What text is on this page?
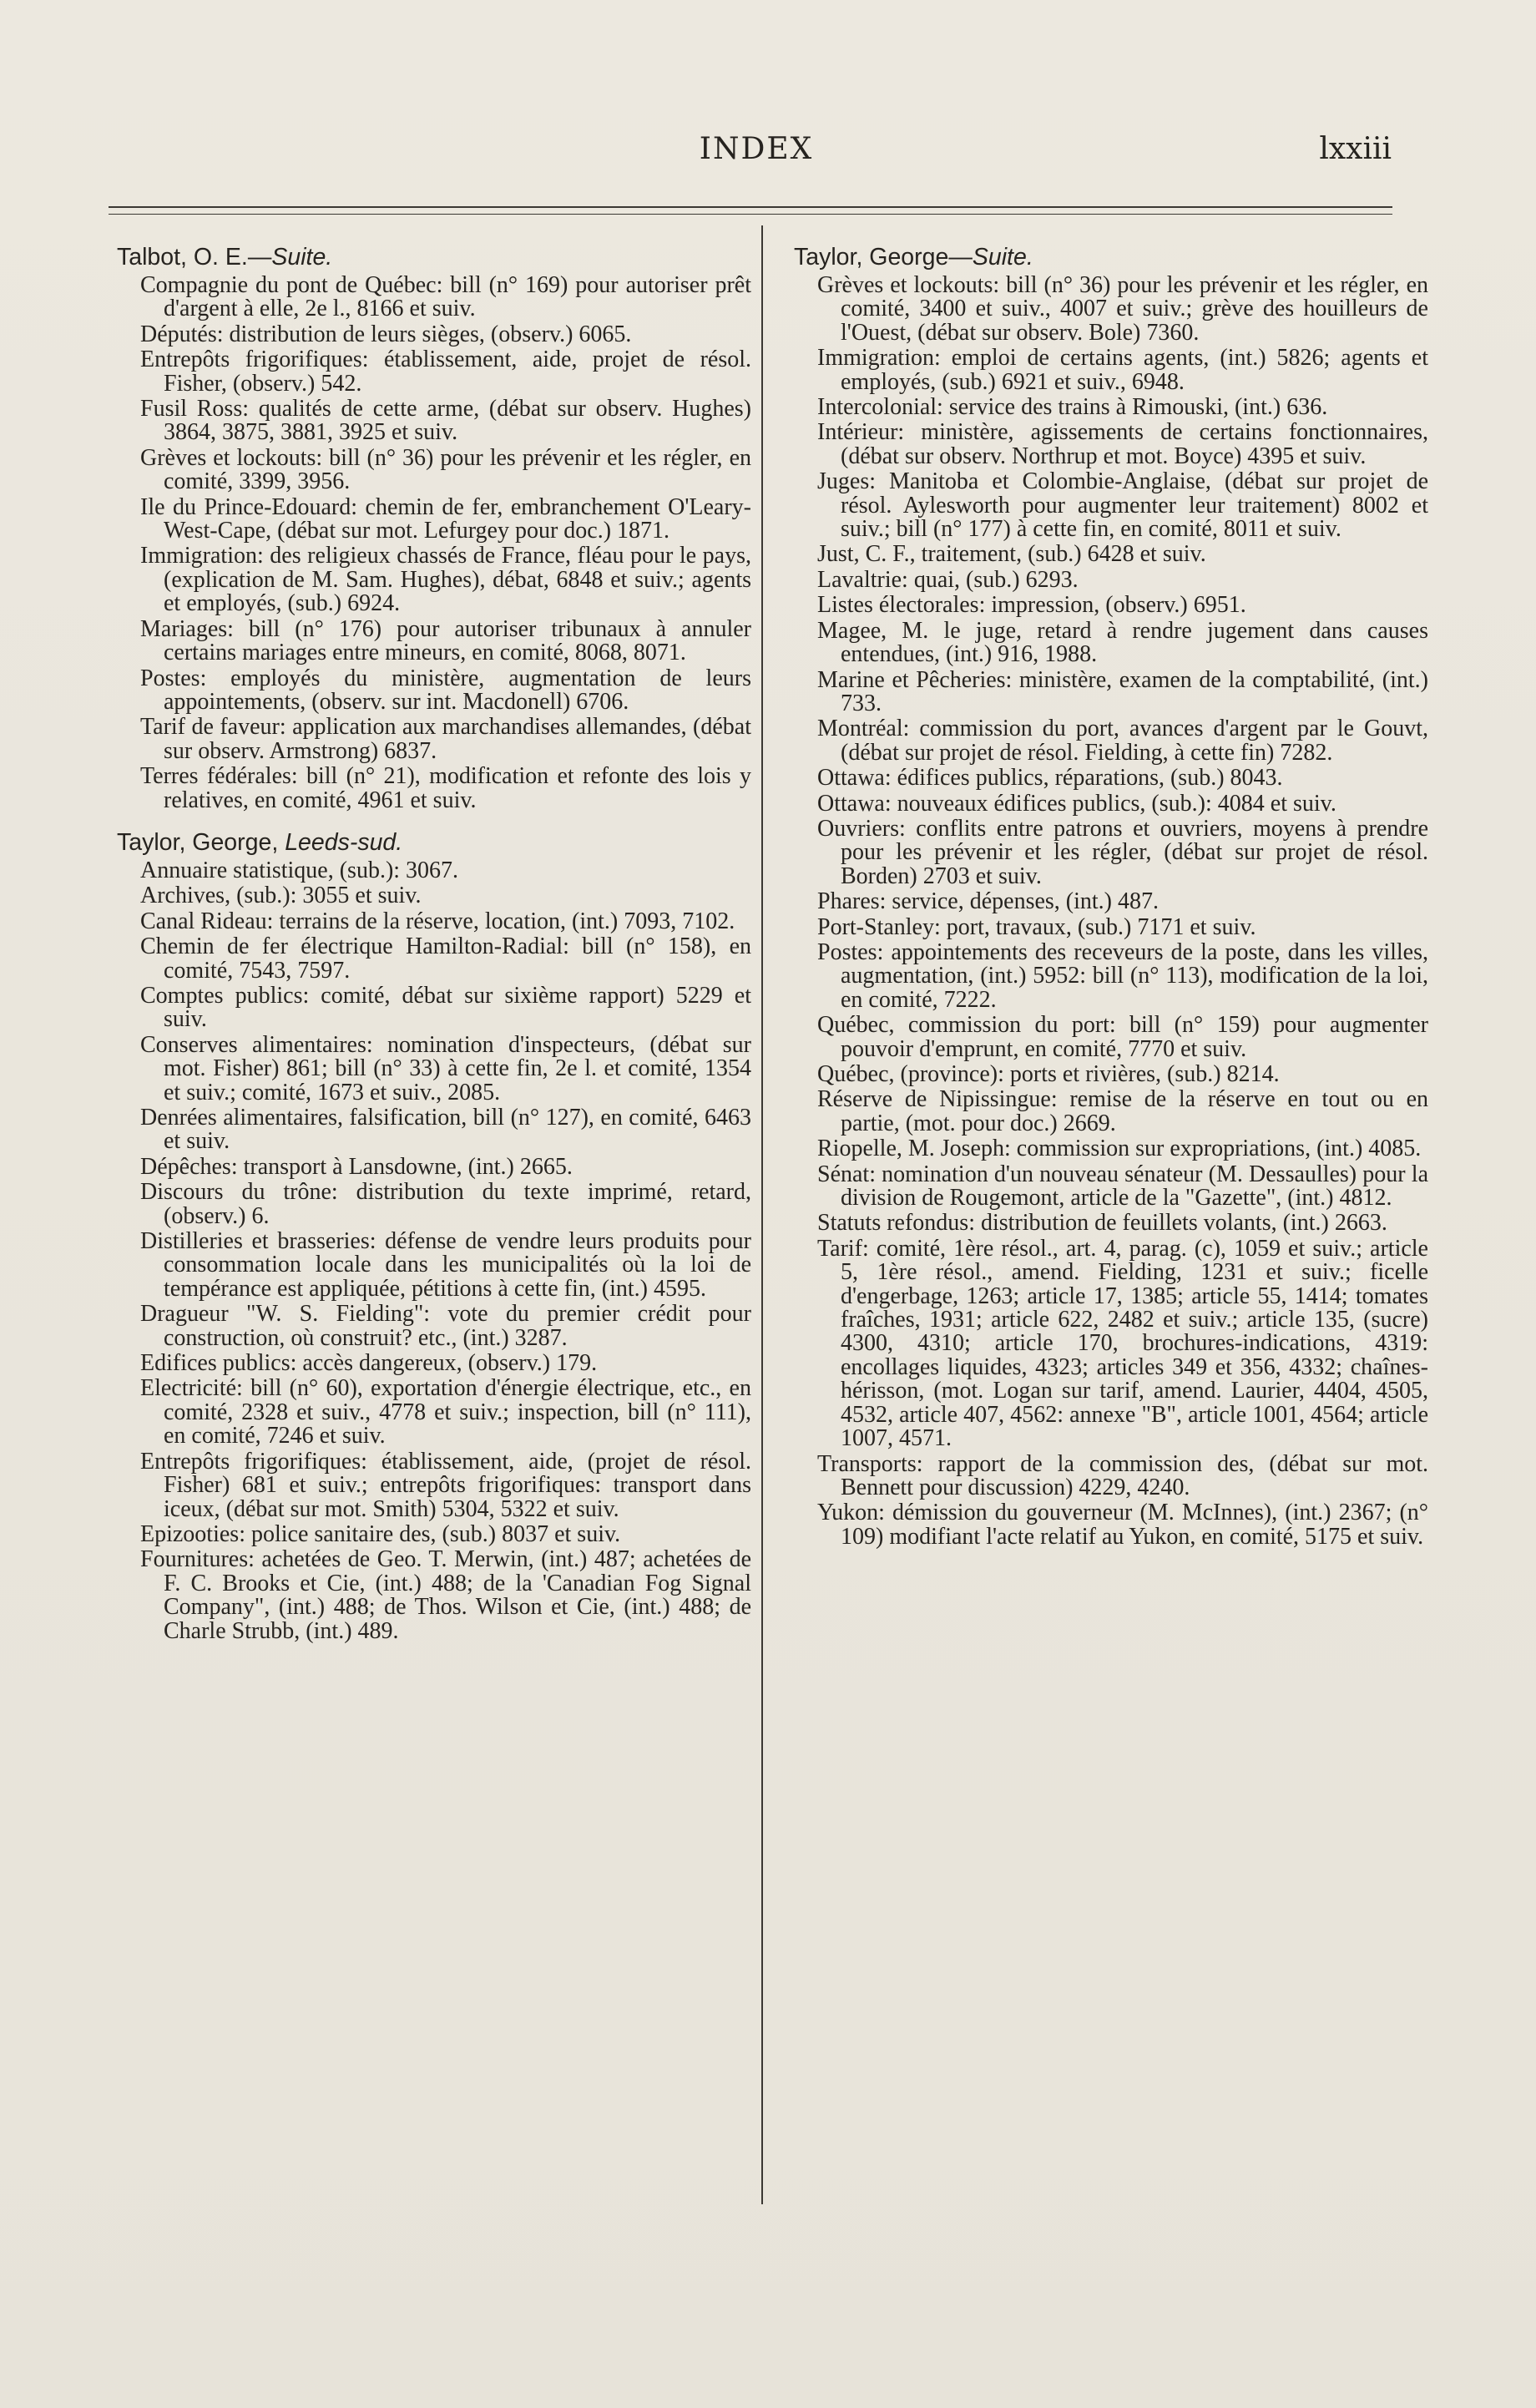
INDEX	lxxiii
Talbot, O. E.—Suite.
Compagnie du pont de Québec: bill (n° 169) pour autoriser prêt d'argent à elle, 2e l., 8166 et suiv.
Députés: distribution de leurs sièges, (observ.) 6065.
Entrepôts frigorifiques: établissement, aide, projet de résol. Fisher, (observ.) 542.
Fusil Ross: qualités de cette arme, (débat sur observ. Hughes) 3864, 3875, 3881, 3925 et suiv.
Grèves et lockouts: bill (n° 36) pour les prévenir et les régler, en comité, 3399, 3956.
Ile du Prince-Edouard: chemin de fer, embranchement O'Leary-West-Cape, (débat sur mot. Lefurgey pour doc.) 1871.
Immigration: des religieux chassés de France, fléau pour le pays, (explication de M. Sam. Hughes), débat, 6848 et suiv.; agents et employés, (sub.) 6924.
Mariages: bill (n° 176) pour autoriser tribunaux à annuler certains mariages entre mineurs, en comité, 8068, 8071.
Postes: employés du ministère, augmentation de leurs appointements, (observ. sur int. Macdonell) 6706.
Tarif de faveur: application aux marchandises allemandes, (débat sur observ. Armstrong) 6837.
Terres fédérales: bill (n° 21), modification et refonte des lois y relatives, en comité, 4961 et suiv.
Taylor, George, Leeds-sud.
Annuaire statistique, (sub.): 3067.
Archives, (sub.): 3055 et suiv.
Canal Rideau: terrains de la réserve, location, (int.) 7093, 7102.
Chemin de fer électrique Hamilton-Radial: bill (n° 158), en comité, 7543, 7597.
Comptes publics: comité, débat sur sixième rapport) 5229 et suiv.
Conserves alimentaires: nomination d'inspecteurs, (débat sur mot. Fisher) 861; bill (n° 33) à cette fin, 2e l. et comité, 1354 et suiv.; comité, 1673 et suiv., 2085.
Denrées alimentaires, falsification, bill (n° 127), en comité, 6463 et suiv.
Dépêches: transport à Lansdowne, (int.) 2665.
Discours du trône: distribution du texte imprimé, retard, (observ.) 6.
Distilleries et brasseries: défense de vendre leurs produits pour consommation locale dans les municipalités où la loi de tempérance est appliquée, pétitions à cette fin, (int.) 4595.
Dragueur "W. S. Fielding": vote du premier crédit pour construction, où construit? etc., (int.) 3287.
Edifices publics: accès dangereux, (observ.) 179.
Electricité: bill (n° 60), exportation d'énergie électrique, etc., en comité, 2328 et suiv., 4778 et suiv.; inspection, bill (n° 111), en comité, 7246 et suiv.
Entrepôts frigorifiques: établissement, aide, (projet de résol. Fisher) 681 et suiv.; entrepôts frigorifiques: transport dans iceux, (débat sur mot. Smith) 5304, 5322 et suiv.
Epizooties: police sanitaire des, (sub.) 8037 et suiv.
Fournitures: achetées de Geo. T. Merwin, (int.) 487; achetées de F. C. Brooks et Cie, (int.) 488; de la 'Canadian Fog Signal Company", (int.) 488; de Thos. Wilson et Cie, (int.) 488; de Charle Strubb, (int.) 489.
Taylor, George—Suite.
Grèves et lockouts: bill (n° 36) pour les prévenir et les régler, en comité, 3400 et suiv., 4007 et suiv.; grève des houilleurs de l'Ouest, (débat sur observ. Bole) 7360.
Immigration: emploi de certains agents, (int.) 5826; agents et employés, (sub.) 6921 et suiv., 6948.
Intercolonial: service des trains à Rimouski, (int.) 636.
Intérieur: ministère, agissements de certains fonctionnaires, (débat sur observ. Northrup et mot. Boyce) 4395 et suiv.
Juges: Manitoba et Colombie-Anglaise, (débat sur projet de résol. Aylesworth pour augmenter leur traitement) 8002 et suiv.; bill (n° 177) à cette fin, en comité, 8011 et suiv.
Just, C. F., traitement, (sub.) 6428 et suiv.
Lavaltrie: quai, (sub.) 6293.
Listes électorales: impression, (observ.) 6951.
Magee, M. le juge, retard à rendre jugement dans causes entendues, (int.) 916, 1988.
Marine et Pêcheries: ministère, examen de la comptabilité, (int.) 733.
Montréal: commission du port, avances d'argent par le Gouvt, (débat sur projet de résol. Fielding, à cette fin) 7282.
Ottawa: édifices publics, réparations, (sub.) 8043.
Ottawa: nouveaux édifices publics, (sub.): 4084 et suiv.
Ouvriers: conflits entre patrons et ouvriers, moyens à prendre pour les prévenir et les régler, (débat sur projet de résol. Borden) 2703 et suiv.
Phares: service, dépenses, (int.) 487.
Port-Stanley: port, travaux, (sub.) 7171 et suiv.
Postes: appointements des receveurs de la poste, dans les villes, augmentation, (int.) 5952: bill (n° 113), modification de la loi, en comité, 7222.
Québec, commission du port: bill (n° 159) pour augmenter pouvoir d'emprunt, en comité, 7770 et suiv.
Québec, (province): ports et rivières, (sub.) 8214.
Réserve de Nipissingue: remise de la réserve en tout ou en partie, (mot. pour doc.) 2669.
Riopelle, M. Joseph: commission sur expropriations, (int.) 4085.
Sénat: nomination d'un nouveau sénateur (M. Dessaulles) pour la division de Rougemont, article de la "Gazette", (int.) 4812.
Statuts refondus: distribution de feuillets volants, (int.) 2663.
Tarif: comité, 1ère résol., art. 4, parag. (c), 1059 et suiv.; article 5, 1ère résol., amend. Fielding, 1231 et suiv.; ficelle d'engerbage, 1263; article 17, 1385; article 55, 1414; tomates fraîches, 1931; article 622, 2482 et suiv.; article 135, (sucre) 4300, 4310; article 170, brochures-indications, 4319: encollages liquides, 4323; articles 349 et 356, 4332; chaînes-hérisson, (mot. Logan sur tarif, amend. Laurier, 4404, 4505, 4532, article 407, 4562: annexe "B", article 1001, 4564; article 1007, 4571.
Transports: rapport de la commission des, (débat sur mot. Bennett pour discussion) 4229, 4240.
Yukon: démission du gouverneur (M. McInnes), (int.) 2367; (n° 109) modifiant l'acte relatif au Yukon, en comité, 5175 et suiv.
